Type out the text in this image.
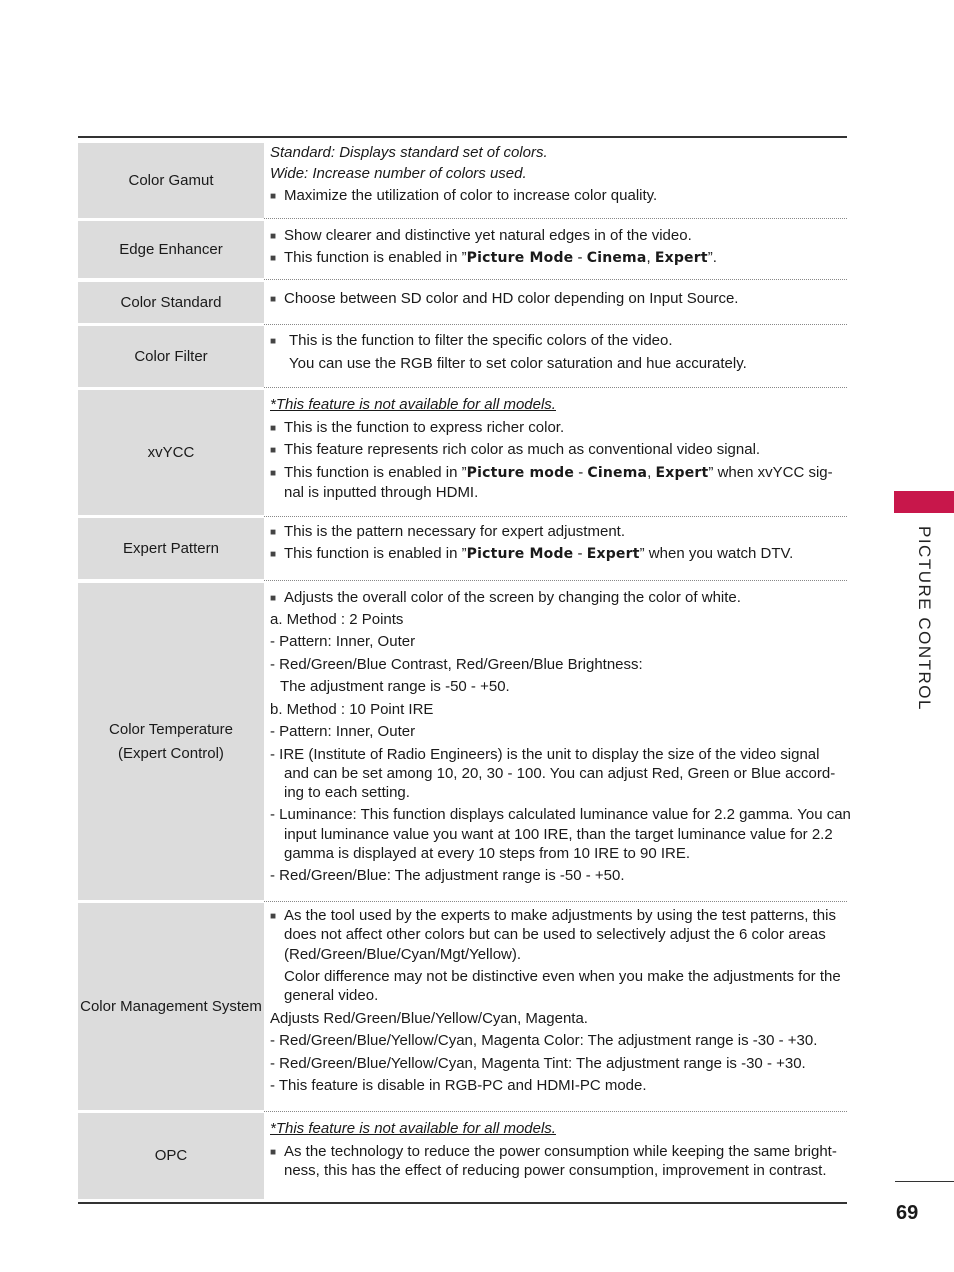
Color Gamut
Standard: Displays standard set of colors.
Wide: Increase number of colors used.
■ Maximize the utilization of color to increase color quality.
Edge Enhancer
■ Show clearer and distinctive yet natural edges in of the video.
■ This function is enabled in ”Picture Mode - Cinema, Expert”.
Color Standard	■ Choose between SD color and HD color depending on Input Source.
Color Filter
■ This is the function to filter the specific colors of the video.
You can use the RGB filter to set color saturation and hue accurately.
xvYCC
*This feature is not available for all models.
■ This is the function to express richer color.
■ This feature represents rich color as much as conventional video signal.
■ This function is enabled in ”Picture mode - Cinema, Expert” when xvYCC sig-
nal is inputted through HDMI.
Expert Pattern
■ This is the pattern necessary for expert adjustment.
■ This function is enabled in ”Picture Mode - Expert” when you watch DTV.
Color Temperature
(Expert Control)
■ Adjusts the overall color of the screen by changing the color of white.
a. Method : 2 Points
- Pattern: Inner, Outer
- Red/Green/Blue Contrast, Red/Green/Blue Brightness:
The adjustment range is -50 - +50.
b. Method : 10 Point IRE
- Pattern: Inner, Outer
- IRE (Institute of Radio Engineers) is the unit to display the size of the video signal
and can be set among 10, 20, 30 - 100. You can adjust Red, Green or Blue accord-
ing to each setting.
- Luminance: This function displays calculated luminance value for 2.2 gamma. You can
input luminance value you want at 100 IRE, than the target luminance value for 2.2
gamma is displayed at every 10 steps from 10 IRE to 90 IRE.
- Red/Green/Blue: The adjustment range is -50 - +50.
Color Management System
■ As the tool used by the experts to make adjustments by using the test patterns, this
does not affect other colors but can be used to selectively adjust the 6 color areas
(Red/Green/Blue/Cyan/Mgt/Yellow).
Color difference may not be distinctive even when you make the adjustments for the
general video.
Adjusts Red/Green/Blue/Yellow/Cyan, Magenta.
- Red/Green/Blue/Yellow/Cyan, Magenta Color: The adjustment range is -30 - +30.
- Red/Green/Blue/Yellow/Cyan, Magenta Tint: The adjustment range is -30 - +30.
- This feature is disable in RGB-PC and HDMI-PC mode.
OPC
*This feature is not available for all models.
■ As the technology to reduce the power consumption while keeping the same bright-
ness, this has the effect of reducing power consumption, improvement in contrast.
PICTURE CONTROL
69
